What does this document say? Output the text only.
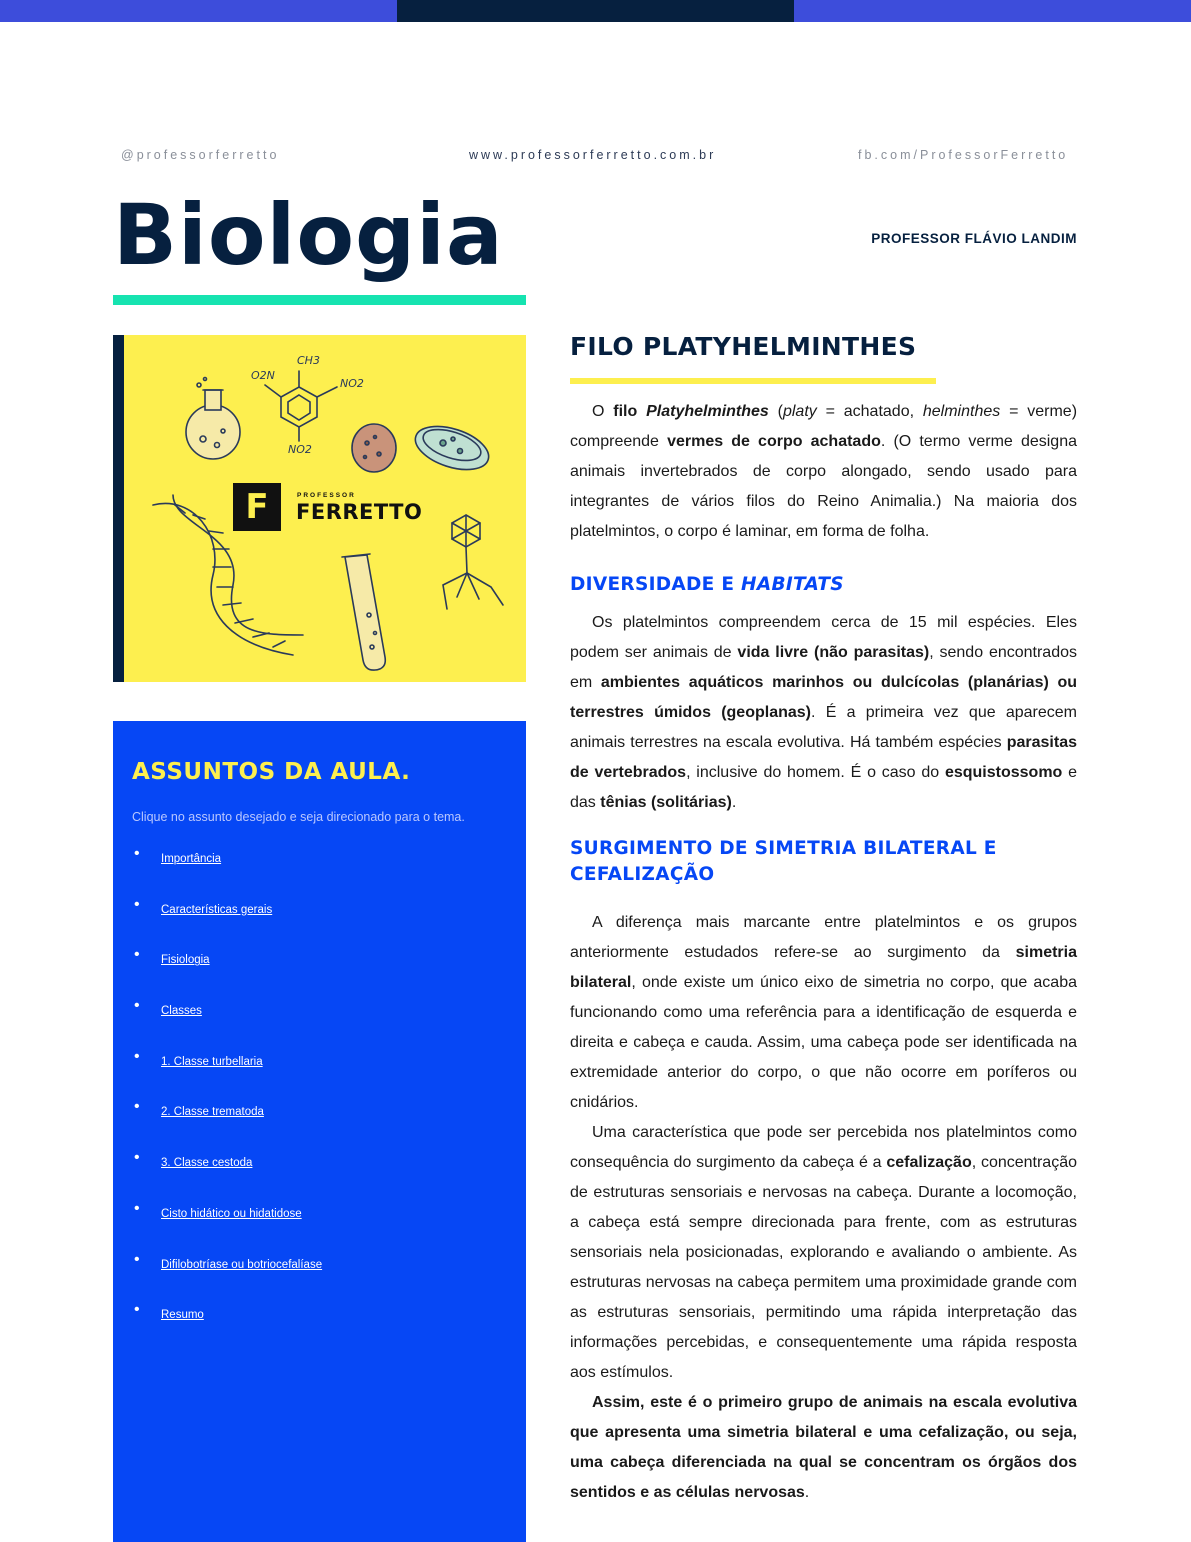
@professorferretto	www.professorferretto.com.br	fb.com/ProfessorFerretto
Biologia	PROFESSOR FLÁVIO LANDIM
CH3
O2N
NO2
NO2
F	PROFESSOR
FERRETTO
ASSUNTOS DA AULA.
Clique no assunto desejado e seja direcionado para o tema.
• Importância
• Características gerais
• Fisiologia
• Classes
• 1. Classe turbellaria
• 2. Classe trematoda
• 3. Classe cestoda
• Cisto hidático ou hidatidose
• Difilobotríase ou botriocefalíase
• Resumo
FILO PLATYHELMINTHES

O filo Platyhelminthes (platy = achatado, helminthes = verme) compreende vermes de corpo achatado. (O termo verme designa animais invertebrados de corpo alongado, sendo usado para integrantes de vários filos do Reino Animalia.) Na maioria dos platelmintos, o corpo é laminar, em forma de folha.

DIVERSIDADE E HABITATS

Os platelmintos compreendem cerca de 15 mil espécies. Eles podem ser animais de vida livre (não parasitas), sendo encontrados em ambientes aquáticos marinhos ou dulcícolas (planárias) ou terrestres úmidos (geoplanas). É a primeira vez que aparecem animais terrestres na escala evolutiva. Há também espécies parasitas de vertebrados, inclusive do homem. É o caso do esquistossomo e das tênias (solitárias).

SURGIMENTO DE SIMETRIA BILATERAL E CEFALIZAÇÃO

A diferença mais marcante entre platelmintos e os grupos anteriormente estudados refere-se ao surgimento da simetria bilateral, onde existe um único eixo de simetria no corpo, que acaba funcionando como uma referência para a identificação de esquerda e direita e cabeça e cauda. Assim, uma cabeça pode ser identificada na extremidade anterior do corpo, o que não ocorre em poríferos ou cnidários.

Uma característica que pode ser percebida nos platelmintos como consequência do surgimento da cabeça é a cefalização, concentração de estruturas sensoriais e nervosas na cabeça. Durante a locomoção, a cabeça está sempre direcionada para frente, com as estruturas sensoriais nela posicionadas, explorando e avaliando o ambiente. As estruturas nervosas na cabeça permitem uma proximidade grande com as estruturas sensoriais, permitindo uma rápida interpretação das informações percebidas, e consequentemente uma rápida resposta aos estímulos.

Assim, este é o primeiro grupo de animais na escala evolutiva que apresenta uma simetria bilateral e uma cefalização, ou seja, uma cabeça diferenciada na qual se concentram os órgãos dos sentidos e as células nervosas.
